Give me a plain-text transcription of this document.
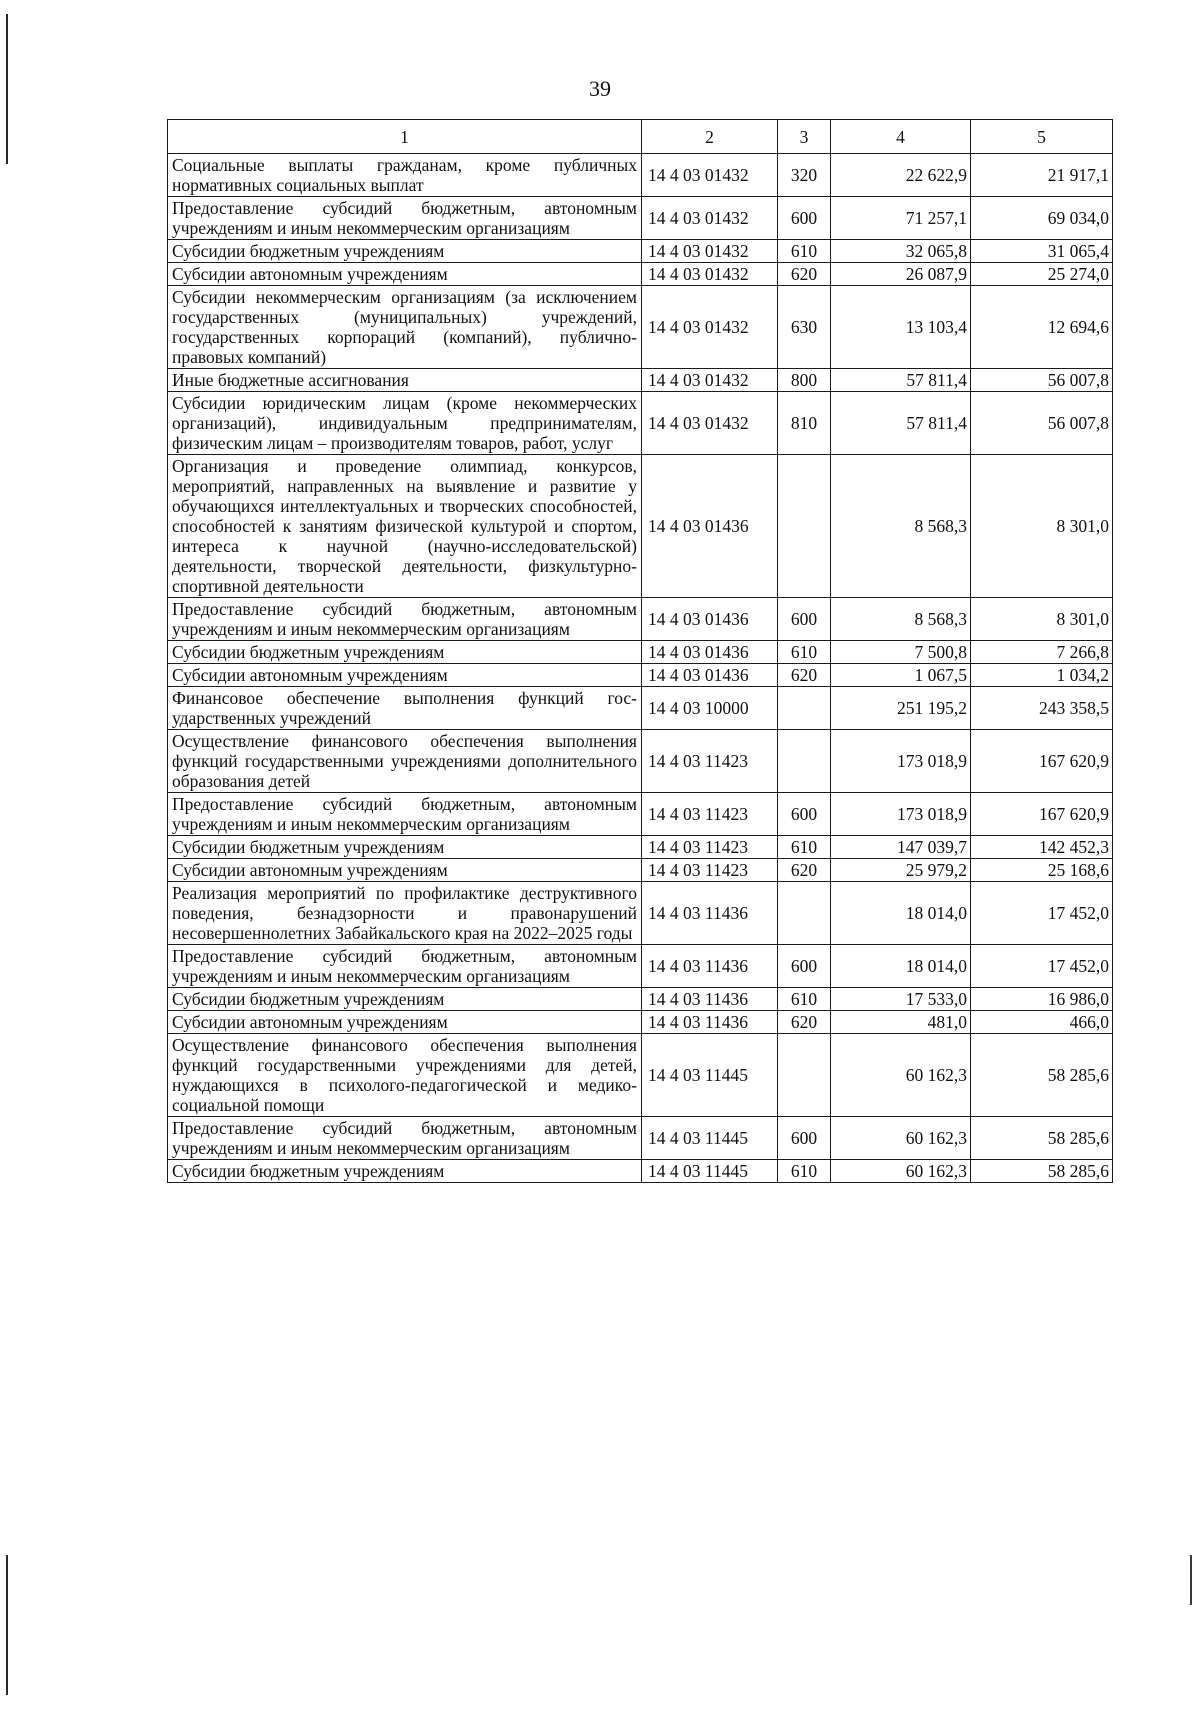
39
1	2	3	4	5
Социальные выплаты гражданам, кроме публичных нормативных социальных выплат	14 4 03 01432	320	22 622,9	21 917,1
Предоставление субсидий бюджетным, автономным учреждениям и иным некоммерческим организациям	14 4 03 01432	600	71 257,1	69 034,0
Субсидии бюджетным учреждениям	14 4 03 01432	610	32 065,8	31 065,4
Субсидии автономным учреждениям	14 4 03 01432	620	26 087,9	25 274,0
Субсидии некоммерческим организациям (за исключением государственных (муниципальных) учреждений, государственных корпораций (компаний), публично-правовых компаний)	14 4 03 01432	630	13 103,4	12 694,6
Иные бюджетные ассигнования	14 4 03 01432	800	57 811,4	56 007,8
Субсидии юридическим лицам (кроме некоммерческих организаций), индивидуальным предпринимателям, физическим лицам – производителям товаров, работ, услуг	14 4 03 01432	810	57 811,4	56 007,8
Организация и проведение олимпиад, конкурсов, мероприятий, направленных на выявление и развитие у обучающихся интеллектуальных и творческих способностей, способностей к занятиям физической культурой и спортом, интереса к научной (научно-исследовательской) деятельности, творческой деятельности, физкультурно-спортивной деятельности	14 4 03 01436		8 568,3	8 301,0
Предоставление субсидий бюджетным, автономным учреждениям и иным некоммерческим организациям	14 4 03 01436	600	8 568,3	8 301,0
Субсидии бюджетным учреждениям	14 4 03 01436	610	7 500,8	7 266,8
Субсидии автономным учреждениям	14 4 03 01436	620	1 067,5	1 034,2
Финансовое обеспечение выполнения функций государственных учреждений	14 4 03 10000		251 195,2	243 358,5
Осуществление финансового обеспечения выполнения функций государственными учреждениями дополнительного образования детей	14 4 03 11423		173 018,9	167 620,9
Предоставление субсидий бюджетным, автономным учреждениям и иным некоммерческим организациям	14 4 03 11423	600	173 018,9	167 620,9
Субсидии бюджетным учреждениям	14 4 03 11423	610	147 039,7	142 452,3
Субсидии автономным учреждениям	14 4 03 11423	620	25 979,2	25 168,6
Реализация мероприятий по профилактике деструктивного поведения, безнадзорности и правонарушений несовершеннолетних Забайкальского края на 2022–2025 годы	14 4 03 11436		18 014,0	17 452,0
Предоставление субсидий бюджетным, автономным учреждениям и иным некоммерческим организациям	14 4 03 11436	600	18 014,0	17 452,0
Субсидии бюджетным учреждениям	14 4 03 11436	610	17 533,0	16 986,0
Субсидии автономным учреждениям	14 4 03 11436	620	481,0	466,0
Осуществление финансового обеспечения выполнения функций государственными учреждениями для детей, нуждающихся в психолого-педагогической и медико-социальной помощи	14 4 03 11445		60 162,3	58 285,6
Предоставление субсидий бюджетным, автономным учреждениям и иным некоммерческим организациям	14 4 03 11445	600	60 162,3	58 285,6
Субсидии бюджетным учреждениям	14 4 03 11445	610	60 162,3	58 285,6
